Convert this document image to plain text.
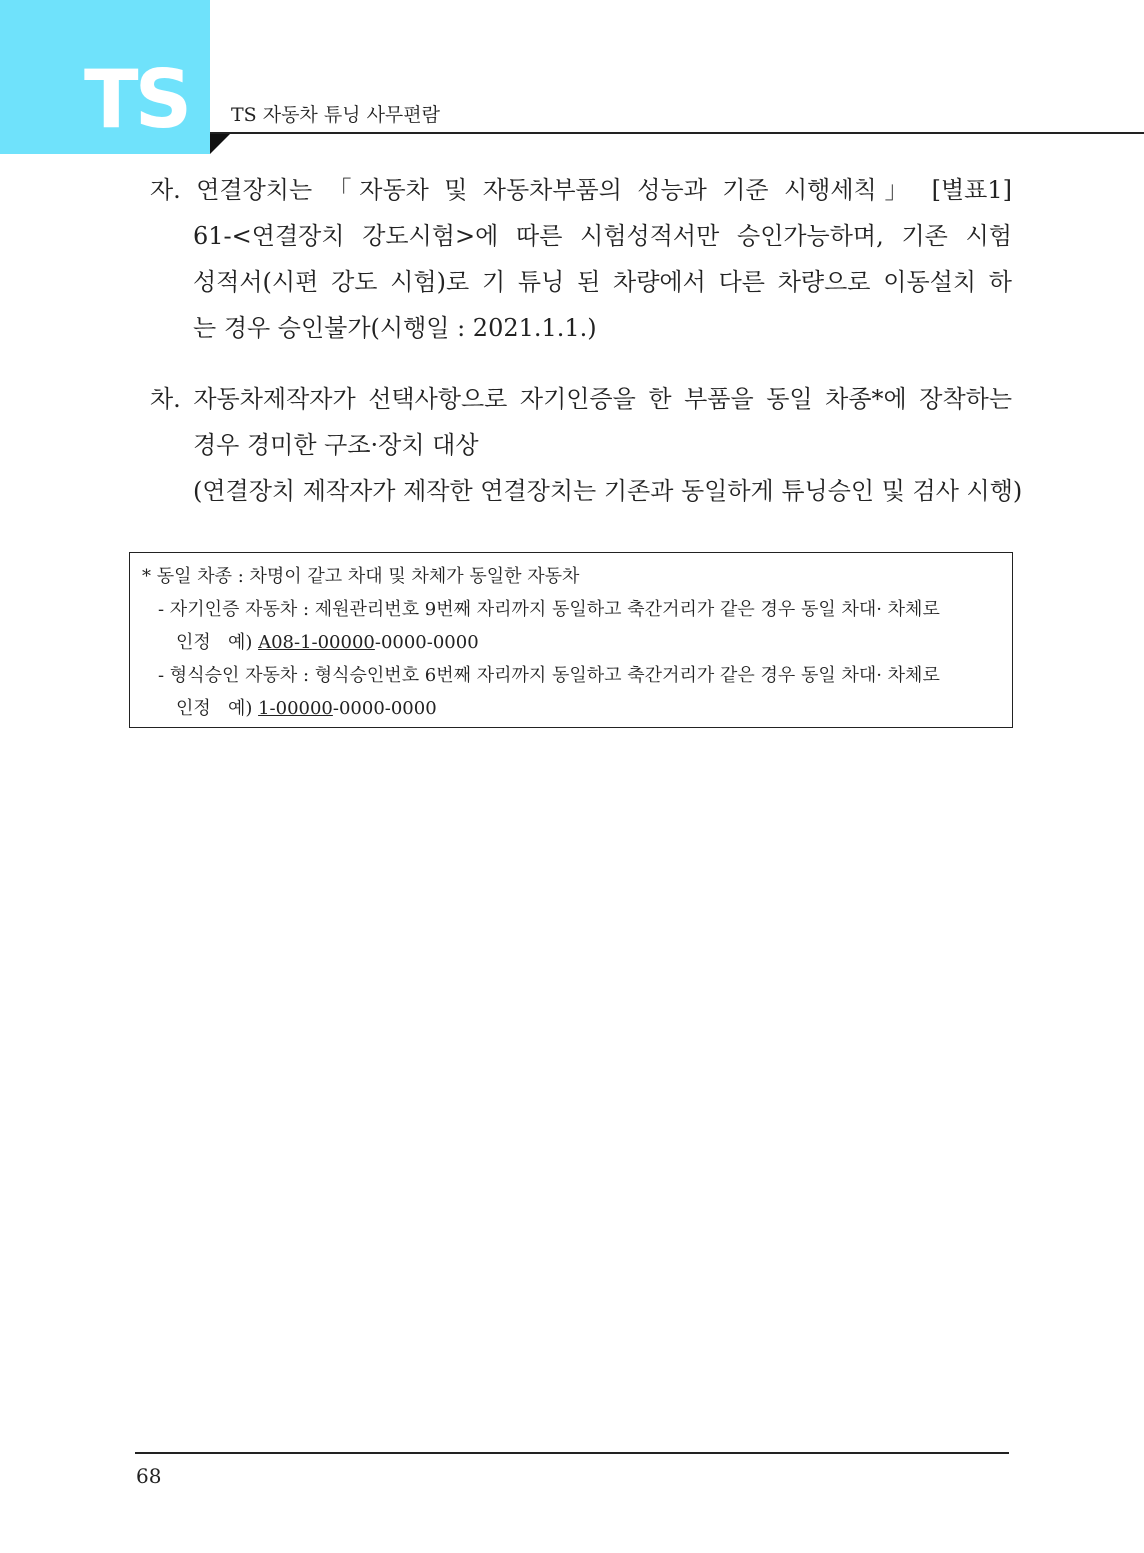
TS TS 자동차 튜닝 사무편람
자. 연결장치는 「자동차 및 자동차부품의 성능과 기준 시행세칙」 [별표1]
61-<연결장치 강도시험>에 따른 시험성적서만 승인가능하며, 기존 시험
성적서(시편 강도 시험)로 기 튜닝 된 차량에서 다른 차량으로 이동설치 하
는 경우 승인불가(시행일 : 2021.1.1.)
차. 자동차제작자가 선택사항으로 자기인증을 한 부품을 동일 차종*에 장착하는
경우 경미한 구조·장치 대상
(연결장치 제작자가 제작한 연결장치는 기존과 동일하게 튜닝승인 및 검사 시행)
* 동일 차종 : 차명이 같고 차대 및 차체가 동일한 자동차
- 자기인증 자동차 : 제원관리번호 9번째 자리까지 동일하고 축간거리가 같은 경우 동일 차대· 차체로
인정   예) A08-1-00000-0000-0000
- 형식승인 자동차 : 형식승인번호 6번째 자리까지 동일하고 축간거리가 같은 경우 동일 차대· 차체로
인정   예) 1-00000-0000-0000
68
